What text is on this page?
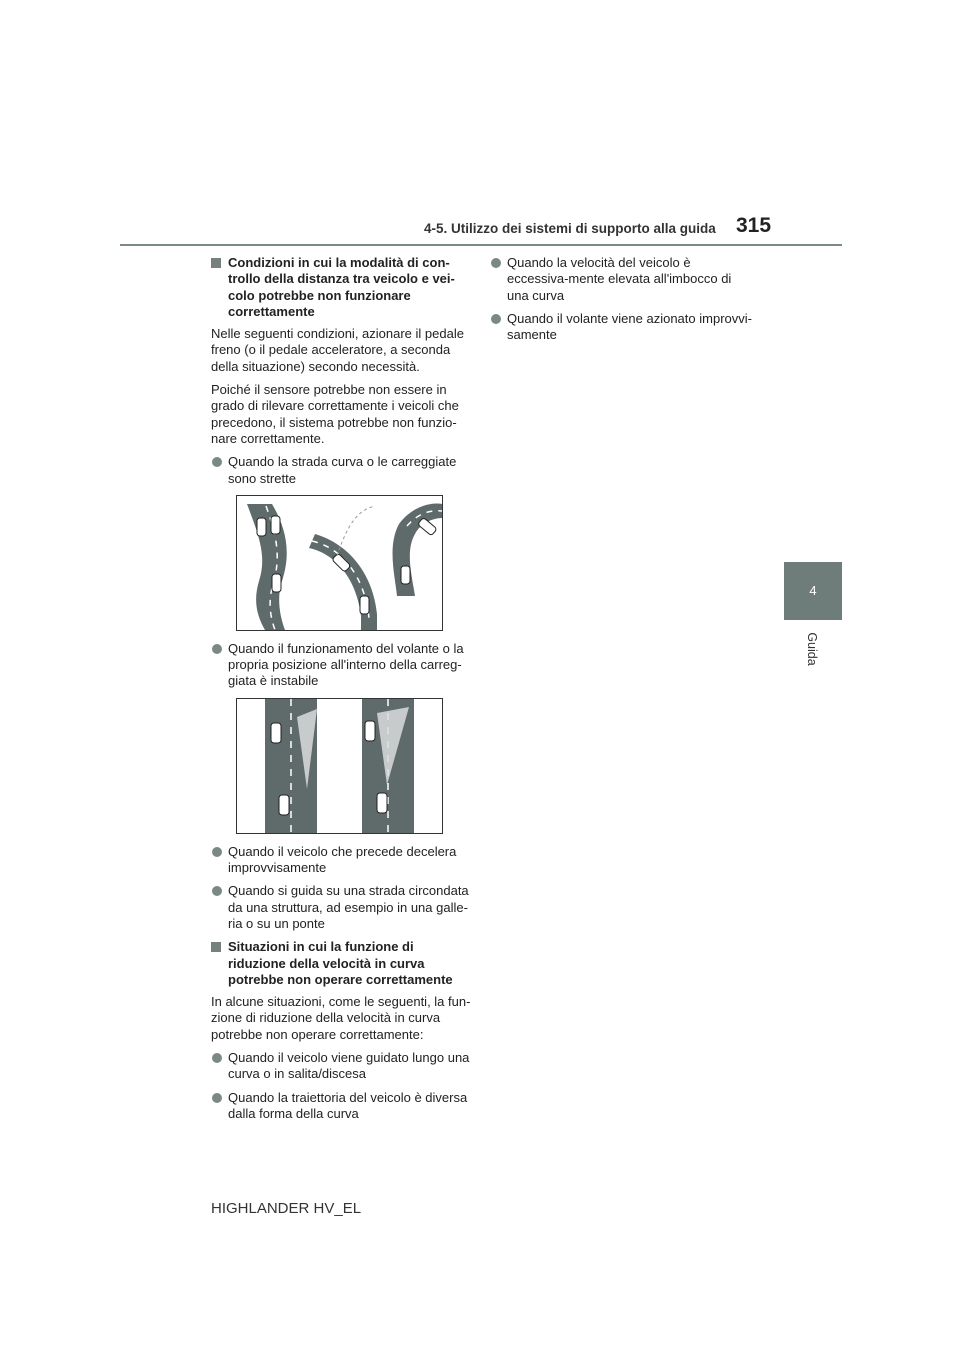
4-5. Utilizzo dei sistemi di supporto alla guida 315
4
Guida
Condizioni in cui la modalità di con-trollo della distanza tra veicolo e vei-colo potrebbe non funzionare correttamente

Nelle seguenti condizioni, azionare il pedale freno (o il pedale acceleratore, a seconda della situazione) secondo necessità.

Poiché il sensore potrebbe non essere in grado di rilevare correttamente i veicoli che precedono, il sistema potrebbe non funzio-nare correttamente.

Quando la strada curva o le carreggiate sono strette
Quando il funzionamento del volante o la propria posizione all'interno della carreg-giata è instabile
Quando il veicolo che precede decelera improvvisamente
Quando si guida su una strada circondata da una struttura, ad esempio in una galle-ria o su un ponte
Situazioni in cui la funzione di riduzione della velocità in curva potrebbe non operare correttamente

In alcune situazioni, come le seguenti, la fun-zione di riduzione della velocità in curva potrebbe non operare correttamente:

Quando il veicolo viene guidato lungo una curva o in salita/discesa
Quando la traiettoria del veicolo è diversa dalla forma della curva
Quando la velocità del veicolo è eccessiva-mente elevata all'imbocco di una curva
Quando il volante viene azionato improvvi-samente
HIGHLANDER HV_EL
